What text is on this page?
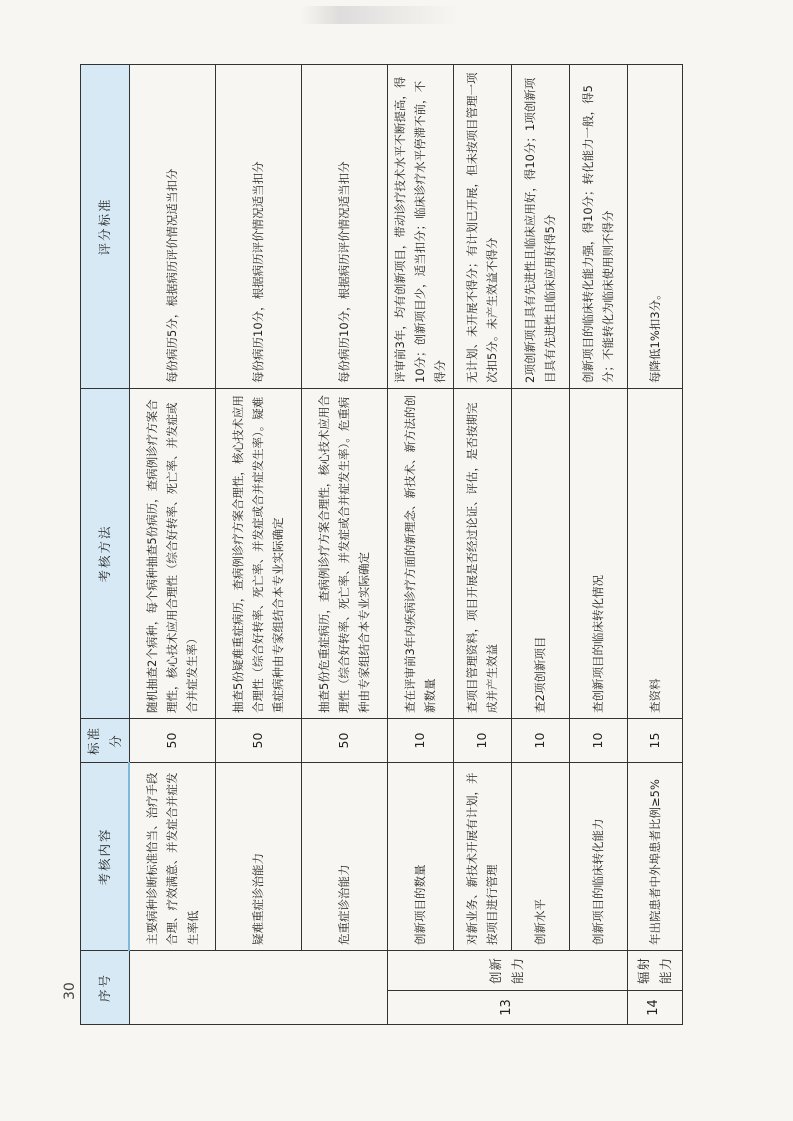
序号		考核内容	标准分	考核方法	评分标准
		主要病种诊断标准恰当、治疗手段合理、疗效满意、并发症合并症发生率低	50	随机抽查2个病种，每个病种抽查5份病历，查病例诊疗方案合理性，核心技术应用合理性（综合好转率、死亡率、并发症或合并症发生率）	每份病历5分，根据病历评价情况适当扣分
		疑难重症诊治能力	50	抽查5份疑难重症病历，查病例诊疗方案合理性，核心技术应用合理性（综合好转率、死亡率、并发症或合并症发生率）。疑难重症病种由专家组结合本专业实际确定	每份病历10分，根据病历评价情况适当扣分
		危重症诊治能力	50	抽查5份危重症病历，查病例诊疗方案合理性，核心技术应用合理性（综合好转率、死亡率、并发症或合并症发生率）。危重病种由专家组结合本专业实际确定	每份病历10分，根据病历评价情况适当扣分
13	创新能力	创新项目的数量	10	查在评审前3年内疾病诊疗方面的新理念、新技术、新方法的创新数量	评审前3年，均有创新项目，带动诊疗技术水平不断提高，得10分；创新项目少，适当扣分；临床诊疗水平停滞不前，不得分
		对新业务、新技术开展有计划，并按项目进行管理	10	查项目管理资料，项目开展是否经过论证、评估，是否按期完成并产生效益	无计划、未开展不得分；有计划已开展，但未按项目管理一项次扣5分。未产生效益不得分
		创新水平	10	查2项创新项目	2项创新项目具有先进性且临床应用好，得10分；1项创新项目具有先进性且临床应用好得5分
		创新项目的临床转化能力	10	查创新项目的临床转化情况	创新项目的临床转化能力强，得10分；转化能力一般，得5分；不能转化为临床使用则不得分
14	辐射能力	年出院患者中外埠患者比例≥5%	15	查资料	每降低1%扣3分。
30
